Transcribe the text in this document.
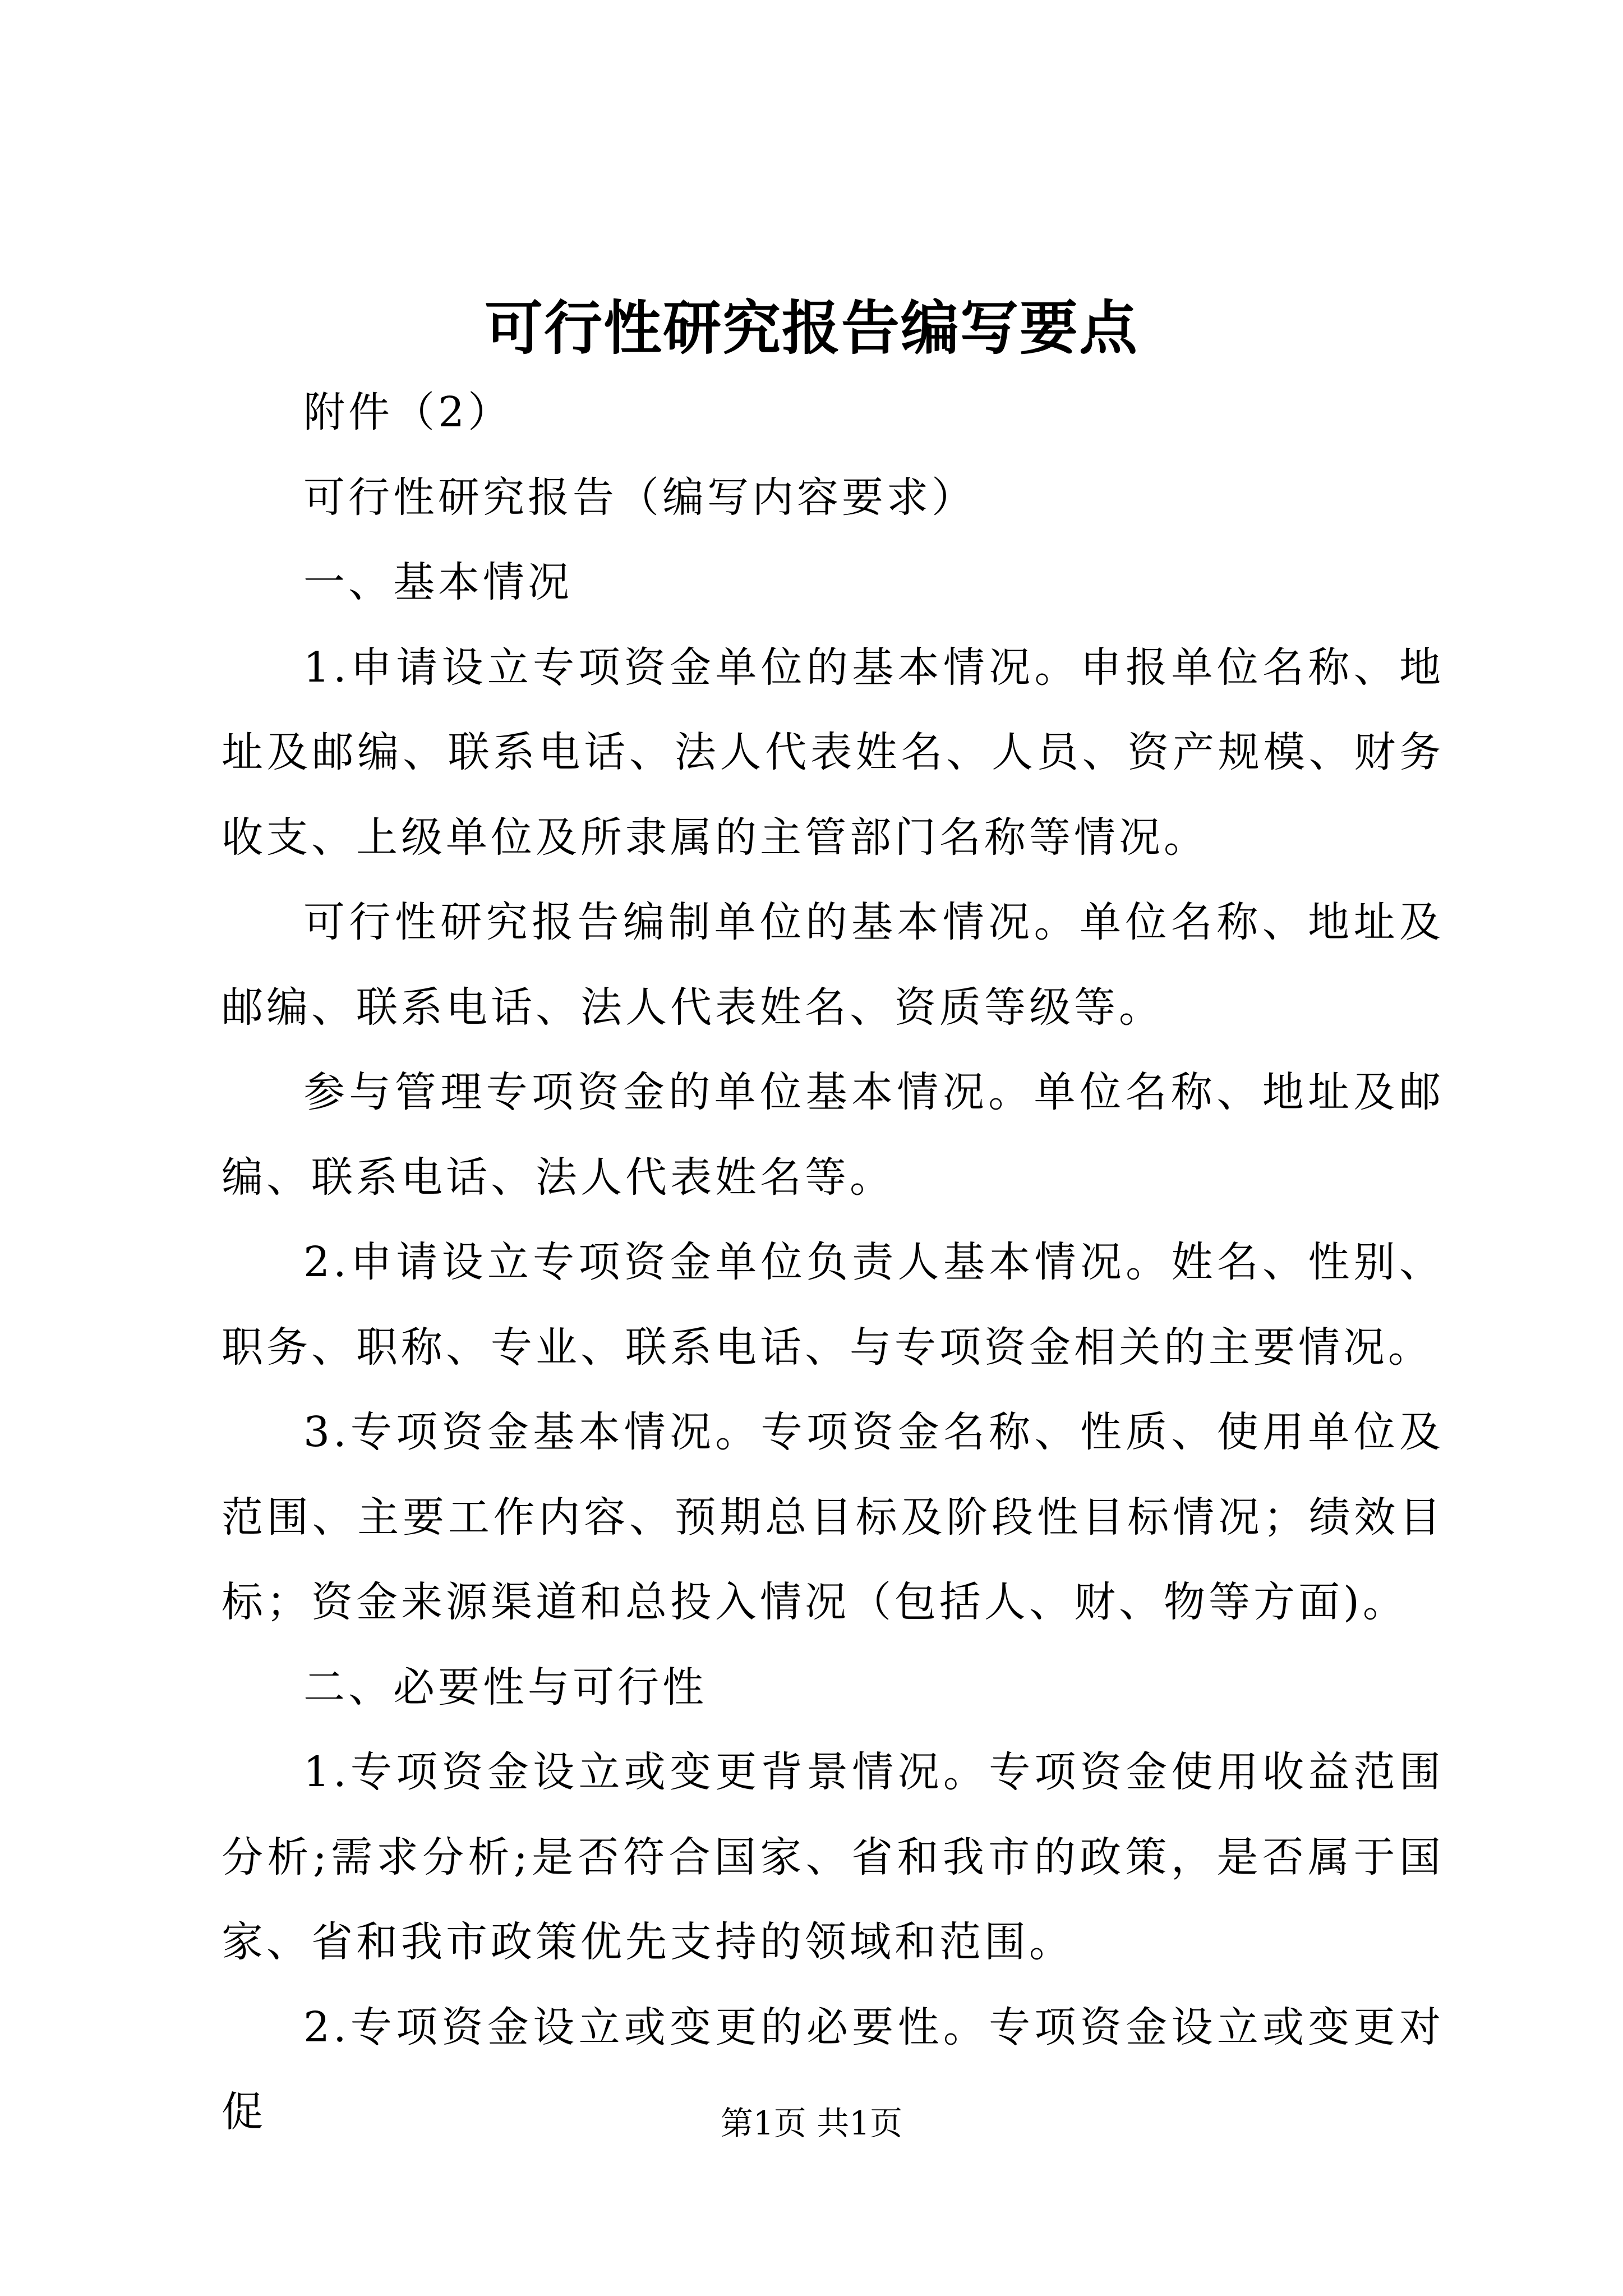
可行性研究报告编写要点

附件（2）

可行性研究报告（编写内容要求）

一、基本情况

1.申请设立专项资金单位的基本情况。申报单位名称、地址及邮编、联系电话、法人代表姓名、人员、资产规模、财务收支、上级单位及所隶属的主管部门名称等情况。

可行性研究报告编制单位的基本情况。单位名称、地址及邮编、联系电话、法人代表姓名、资质等级等。

参与管理专项资金的单位基本情况。单位名称、地址及邮编、联系电话、法人代表姓名等。

2.申请设立专项资金单位负责人基本情况。姓名、性别、职务、职称、专业、联系电话、与专项资金相关的主要情况。

3.专项资金基本情况。专项资金名称、性质、使用单位及范围、主要工作内容、预期总目标及阶段性目标情况；绩效目标；资金来源渠道和总投入情况（包括人、财、物等方面)。

二、必要性与可行性

1.专项资金设立或变更背景情况。专项资金使用收益范围分析;需求分析;是否符合国家、省和我市的政策，是否属于国家、省和我市政策优先支持的领域和范围。

2.专项资金设立或变更的必要性。专项资金设立或变更对促	第1页 共1页
